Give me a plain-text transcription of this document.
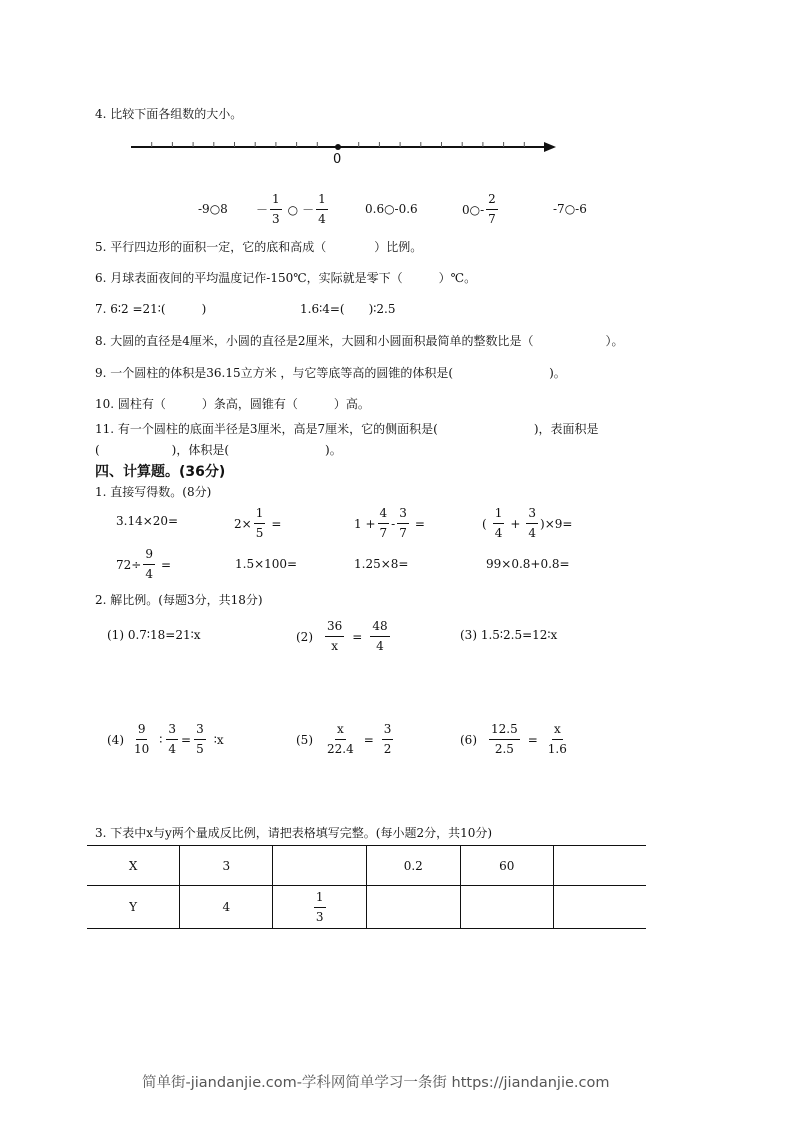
4. 比较下面各组数的大小。
0
-9○8 － $\frac{1}{3}$ ○ － $\frac{1}{4}$	0.6○-0.6	0○- $\frac{2}{7}$	-7○-6
5. 平行四边形的面积一定，它的底和高成（　　　　）比例。
6. 月球表面夜间的平均温度记作-150℃，实际就是零下（　　　）℃。
7. 6∶2 =21∶(　　　)	1.6∶4=(　　)∶2.5
8. 大圆的直径是4厘米，小圆的直径是2厘米，大圆和小圆面积最简单的整数比是（　　　　　　）。
9. 一个圆柱的体积是36.15立方米 ，与它等底等高的圆锥的体积是(　　　　　　　　)。
10. 圆柱有（　　　）条高，圆锥有（　　　）高。
11. 有一个圆柱的底面半径是3厘米，高是7厘米，它的侧面积是(　　　　　　　　)，表面积是
(　　　　　　)，体积是(　　　　　　　　)。
四、计算题。(36分)
1. 直接写得数。(8分)
3.14×20=	$2\times \frac{1}{5}$ =	$1 + \frac{4}{7} - \frac{3}{7}$ =	( $\frac{1}{4} + \frac{3}{4} )\times 9=$
$72\div \frac{9}{4}$ =	1.5×100=	1.25×8=	99×0.8+0.8=
2. 解比例。(每题3分，共18分)
(1) 0.7∶18=21∶x	$(2) \frac{36}{x} = \frac{48}{4}$	(3) 1.5∶2.5=12∶x
$(4) \frac{9}{10}$ ∶ $\frac{3}{4} = \frac{3}{5}$ ∶x	$(5) \frac{x}{22.4} = \frac{3}{2}$	$(6) \frac{12.5}{2.5} = \frac{x}{1.6}$
3. 下表中x与y两个量成反比例，请把表格填写完整。(每小题2分，共10分)
X	3		0.2	60	
Y	4	$\frac{1}{3}$

简单街-jiandanjie.com-学科网简单学习一条街 https://jiandanjie.com
